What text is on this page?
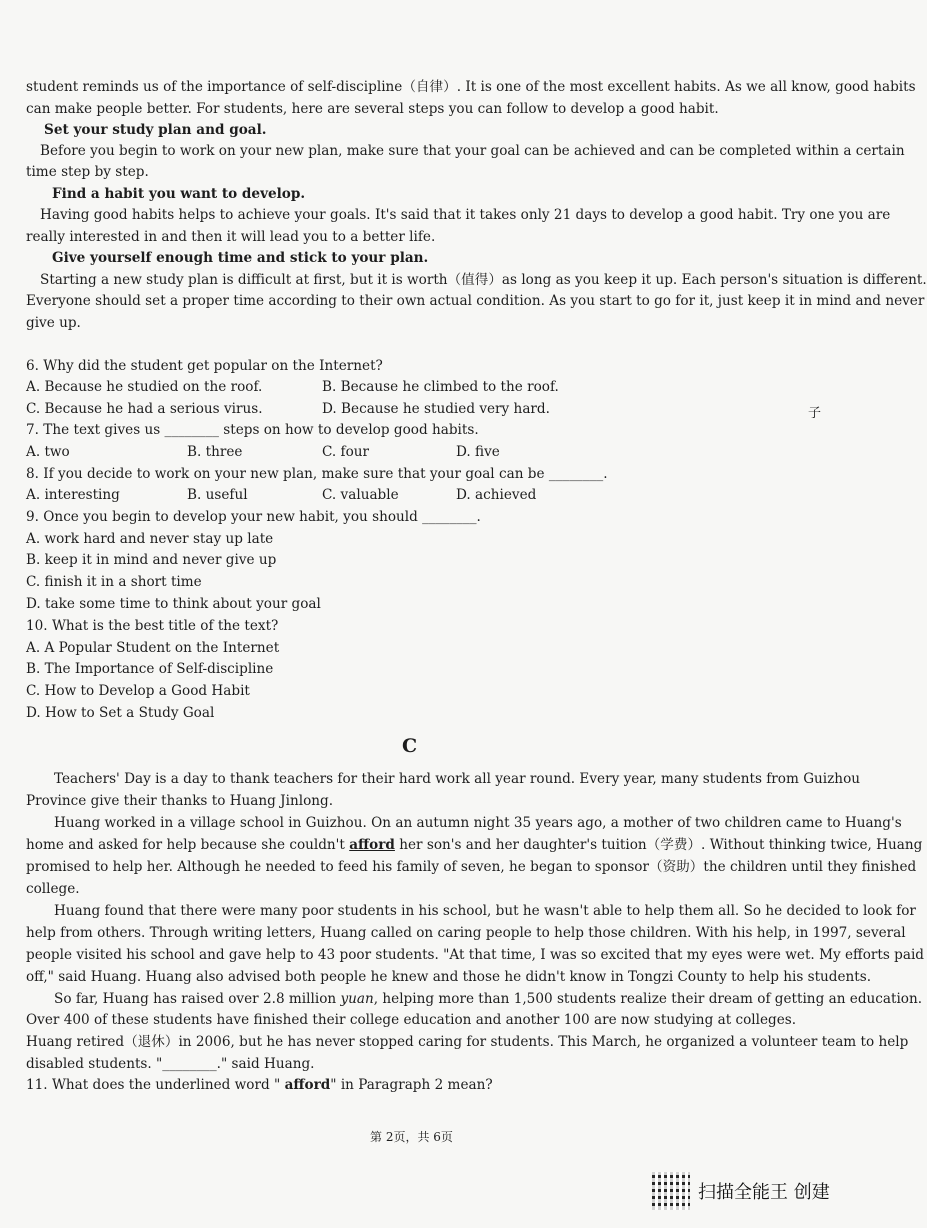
student reminds us of the importance of self-discipline（自律）. It is one of the most excellent habits. As we all know, good habits
can make people better. For students, here are several steps you can follow to develop a good habit.
Set your study plan and goal.
Before you begin to work on your new plan, make sure that your goal can be achieved and can be completed within a certain
time step by step.
Find a habit you want to develop.
Having good habits helps to achieve your goals. It's said that it takes only 21 days to develop a good habit. Try one you are
really interested in and then it will lead you to a better life.
Give yourself enough time and stick to your plan.
Starting a new study plan is difficult at first, but it is worth（值得）as long as you keep it up. Each person's situation is different.
Everyone should set a proper time according to their own actual condition. As you start to go for it, just keep it in mind and never
give up.
6. Why did the student get popular on the Internet?
A. Because he studied on the roof.	B. Because he climbed to the roof.
C. Because he had a serious virus.	D. Because he studied very hard.	子
7. The text gives us ________ steps on how to develop good habits.
A. two	B. three	C. four	D. five
8. If you decide to work on your new plan, make sure that your goal can be ________.
A. interesting	B. useful	C. valuable	D. achieved
9. Once you begin to develop your new habit, you should ________.
A. work hard and never stay up late
B. keep it in mind and never give up
C. finish it in a short time
D. take some time to think about your goal
10. What is the best title of the text?
A. A Popular Student on the Internet
B. The Importance of Self-discipline
C. How to Develop a Good Habit
D. How to Set a Study Goal
C
Teachers' Day is a day to thank teachers for their hard work all year round. Every year, many students from Guizhou
Province give their thanks to Huang Jinlong.
Huang worked in a village school in Guizhou. On an autumn night 35 years ago, a mother of two children came to Huang's
home and asked for help because she couldn't afford her son's and her daughter's tuition（学费）. Without thinking twice, Huang
promised to help her. Although he needed to feed his family of seven, he began to sponsor（资助）the children until they finished
college.
Huang found that there were many poor students in his school, but he wasn't able to help them all. So he decided to look for
help from others. Through writing letters, Huang called on caring people to help those children. With his help, in 1997, several
people visited his school and gave help to 43 poor students. "At that time, I was so excited that my eyes were wet. My efforts paid
off," said Huang. Huang also advised both people he knew and those he didn't know in Tongzi County to help his students.
So far, Huang has raised over 2.8 million yuan, helping more than 1,500 students realize their dream of getting an education.
Over 400 of these students have finished their college education and another 100 are now studying at colleges.
Huang retired（退休）in 2006, but he has never stopped caring for students. This March, he organized a volunteer team to help
disabled students. "________." said Huang.
11. What does the underlined word " afford" in Paragraph 2 mean?
第 2页，共 6页
扫描全能王 创建
